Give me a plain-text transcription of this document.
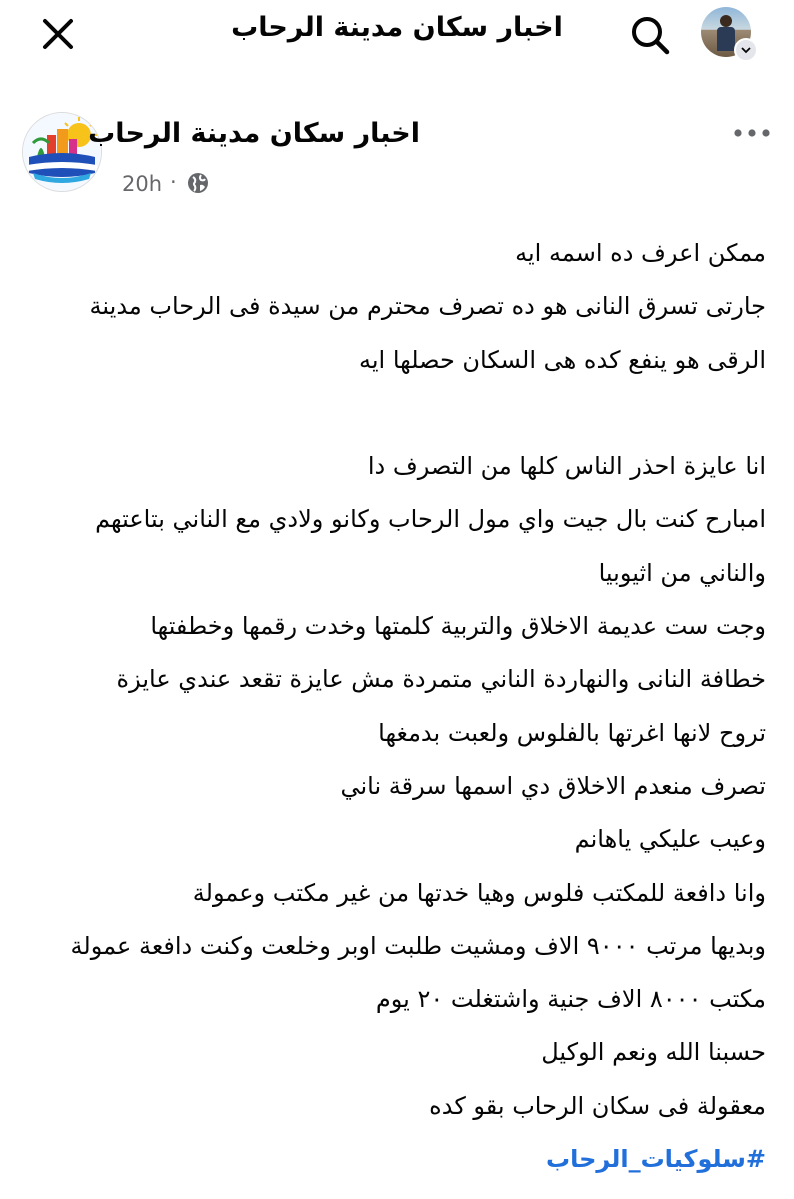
اخبار سكان مدينة الرحاب
اخبار سكان مدينة الرحاب
20h ·
ممكن اعرف ده اسمه ايه
جارتى تسرق النانى هو ده تصرف محترم من سيدة فى الرحاب مدينة
الرقى هو ينفع كده هى السكان حصلها ايه
انا عايزة احذر الناس كلها من التصرف دا
امبارح كنت بال جيت واي مول الرحاب وكانو ولادي مع الناني بتاعتهم
والناني من اثيوبيا
وجت ست عديمة الاخلاق والتربية كلمتها وخدت رقمها وخطفتها
خطافة النانى والنهاردة الناني متمردة مش عايزة تقعد عندي عايزة
تروح لانها اغرتها بالفلوس ولعبت بدمغها
تصرف منعدم الاخلاق دي اسمها سرقة ناني
وعيب عليكي ياهانم
وانا دافعة للمكتب فلوس وهيا خدتها من غير مكتب وعمولة
وبديها مرتب ٩٠٠٠ الاف ومشيت طلبت اوبر وخلعت وكنت دافعة عمولة
مكتب ٨٠٠٠ الاف جنية واشتغلت ٢٠ يوم
حسبنا الله ونعم الوكيل
معقولة فى سكان الرحاب بقو كده
#سلوكيات_الرحاب
